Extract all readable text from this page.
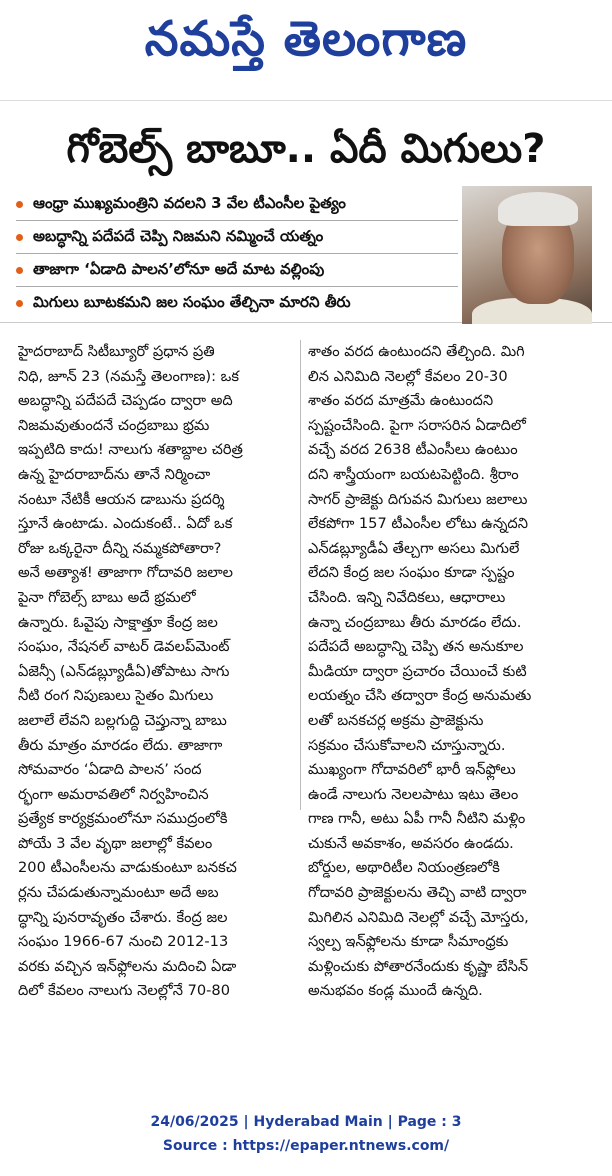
నమస్తే తెలంగాణ
గోబెల్స్ బాబూ.. ఏదీ మిగులు?
ఆంధ్రా ముఖ్యమంత్రిని వదలని 3 వేల టీఎంసీల పైత్యం
అబద్ధాన్ని పదేపదే చెప్పి నిజమని నమ్మించే యత్నం
తాజాగా ‘ఏడాది పాలన’లోనూ అదే మాట వల్లింపు
మిగులు బూటకమని జల సంఘం తేల్చినా మారని తీరు
హైదరాబాద్ సిటీబ్యూరో ప్రధాన ప్రతి
నిధి, జూన్ 23 (నమస్తే తెలంగాణ): ఒక
అబద్ధాన్ని పదేపదే చెప్పడం ద్వారా అది
నిజమవుతుందనే చంద్రబాబు భ్రమ
ఇప్పటిది కాదు! నాలుగు శతాబ్దాల చరిత్ర
ఉన్న హైదరాబాద్‌ను తానే నిర్మించా
నంటూ నేటికీ ఆయన డాబును ప్రదర్శి
స్తూనే ఉంటాడు. ఎందుకంటే.. ఏదో ఒక
రోజు ఒక్కరైనా దీన్ని నమ్మకపోతారా?
అనే అత్యాశ! తాజాగా గోదావరి జలాల
పైనా గోబెల్స్ బాబు అదే భ్రమలో
ఉన్నారు. ఓవైపు సాక్షాత్తూ కేంద్ర జల
సంఘం, నేషనల్ వాటర్ డెవలప్‌మెంట్
ఏజెన్సీ (ఎన్‌డబ్ల్యూడీఏ)తోపాటు సాగు
నీటి రంగ నిపుణులు సైతం మిగులు
జలాలే లేవని బల్లగుద్ది చెప్తున్నా బాబు
తీరు మాత్రం మారడం లేదు. తాజాగా
సోమవారం ‘ఏడాది పాలన’ సంద
ర్భంగా అమరావతిలో నిర్వహించిన
ప్రత్యేక కార్యక్రమంలోనూ సముద్రంలోకి
పోయే 3 వేల వృథా జలాల్లో కేవలం
200 టీఎంసీలను వాడుకుంటూ బనకచ
ర్లను చేపడుతున్నామంటూ అదే అబ
ద్ధాన్ని పునరావృతం చేశారు. కేంద్ర జల
సంఘం 1966-67 నుంచి 2012-13
వరకు వచ్చిన ఇన్‌ఫ్లోలను మదించి ఏడా
దిలో కేవలం నాలుగు నెలల్లోనే 70-80
శాతం వరద ఉంటుందని తేల్చింది. మిగి
లిన ఎనిమిది నెలల్లో కేవలం 20-30
శాతం వరద మాత్రమే ఉంటుందని
స్పష్టంచేసింది. పైగా సరాసరిన ఏడాదిలో
వచ్చే వరద 2638 టీఎంసీలు ఉంటుం
దని శాస్త్రీయంగా బయటపెట్టింది. శ్రీరాం
సాగర్ ప్రాజెక్టు దిగువన మిగులు జలాలు
లేకపోగా 157 టీఎంసీల లోటు ఉన్నదని
ఎన్‌డబ్ల్యూడీఏ తేల్చగా అసలు మిగులే
లేదని కేంద్ర జల సంఘం కూడా స్పష్టం
చేసింది. ఇన్ని నివేదికలు, ఆధారాలు
ఉన్నా చంద్రబాబు తీరు మారడం లేదు.
పదేపదే అబద్ధాన్ని చెప్పి తన అనుకూల
మీడియా ద్వారా ప్రచారం చేయించే కుటి
లయత్నం చేసి తద్వారా కేంద్ర అనుమతు
లతో బనకచర్ల అక్రమ ప్రాజెక్టును
సక్రమం చేసుకోవాలని చూస్తున్నారు.
ముఖ్యంగా గోదావరిలో భారీ ఇన్‌ఫ్లోలు
ఉండే నాలుగు నెలలపాటు ఇటు తెలం
గాణ గానీ, అటు ఏపీ గానీ నీటిని మళ్లిం
చుకునే అవకాశం, అవసరం ఉండదు.
బోర్డుల, అథారిటీల నియంత్రణలోకి
గోదావరి ప్రాజెక్టులను తెచ్చి వాటి ద్వారా
మిగిలిన ఎనిమిది నెలల్లో వచ్చే మోస్తరు,
స్వల్ప ఇన్‌ఫ్లోలను కూడా సీమాంధ్రకు
మళ్లించుకు పోతారనేందుకు కృష్ణా బేసిన్
అనుభవం కండ్ల ముందే ఉన్నది.
24/06/2025 | Hyderabad Main | Page : 3
Source : https://epaper.ntnews.com/
